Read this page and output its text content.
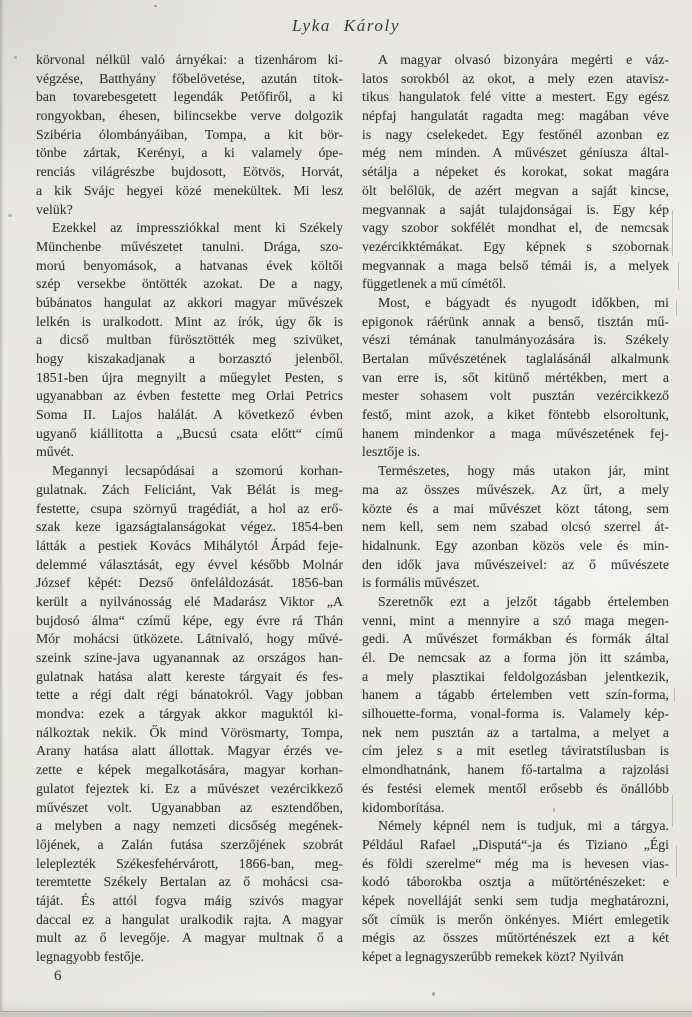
Lyka Károly

körvonal nélkül való árnyékai: a tizenhárom ki-
végzése, Batthyány főbelövetése, azután titok-
ban tovarebesgetett legendák Petőfiről, a ki
rongyokban, éhesen, bilincsekbe verve dolgozik
Szibéria ólombányáiban, Tompa, a kit bör-
tönbe zártak, Kerényi, a ki valamely ópe-
renciás világrészbe bujdosott, Eötvös, Horvát,
a kik Svájc hegyei közé menekültek. Mi lesz
velük?

Ezekkel az impressziókkal ment ki Székely
Münchenbe művészetet tanulni. Drága, szo-
morú benyomások, a hatvanas évek költői
szép versekbe öntötték azokat. De a nagy,
búbánatos hangulat az akkori magyar művészek
lelkén is uralkodott. Mint az írók, úgy ők is
a dicső multban fürösztötték meg szivüket,
hogy kiszakadjanak a borzasztó jelenből.
1851-ben újra megnyilt a műegylet Pesten, s
ugyanabban az évben festette meg Orlai Petrics
Soma II. Lajos halálát. A következő évben
ugyanő kiállitotta a „Bucsú csata előtt“ című
művét.

Megannyi lecsapódásai a szomorú korhan-
gulatnak. Zách Feliciánt, Vak Bélát is meg-
festette, csupa szörnyű tragédiát, a hol az erő-
szak keze igazságtalanságokat végez. 1854-ben
látták a pestiek Kovács Mihálytól Árpád feje-
delemmé választását, egy évvel később Molnár
József képét: Dezső önfeláldozását. 1856-ban
került a nyilvánosság elé Madarász Viktor „A
bujdosó álma“ czímű képe, egy évre rá Thán
Mór mohácsi ütközete. Látnivaló, hogy művé-
szeink szine-java ugyanannak az országos han-
gulatnak hatása alatt kereste tárgyait és fes-
tette a régi dalt régi bánatokról. Vagy jobban
mondva: ezek a tárgyak akkor maguktól ki-
nálkoztak nekik. Ők mind Vörösmarty, Tompa,
Arany hatása alatt állottak. Magyar érzés ve-
zette e képek megalkotására, magyar korhan-
gulatot fejeztek ki. Ez a művészet vezércikkező
művészet volt. Ugyanabban az esztendőben,
a melyben a nagy nemzeti dicsőség megének-
lőjének, a Zalán futása szerzőjének szobrát
leleplezték Székesfehérvárott, 1866-ban, meg-
teremtette Székely Bertalan az ő mohácsi csa-
táját. És attól fogva máig szivós magyar
daccal ez a hangulat uralkodik rajta. A magyar
mult az ő levegője. A magyar multnak ő a
legnagyobb festője.

A magyar olvasó bizonyára megérti e váz-
latos sorokból az okot, a mely ezen atavisz-
tikus hangulatok felé vitte a mestert. Egy egész
népfaj hangulatát ragadta meg: magában véve
is nagy cselekedet. Egy festőnél azonban ez
még nem minden. A művészet géniusza által-
sétálja a népeket és korokat, sokat magára
ölt belőlük, de azért megvan a saját kincse,
megvannak a saját tulajdonságai is. Egy kép
vagy szobor sokfélét mondhat el, de nemcsak
vezércikktémákat. Egy képnek s szobornak
megvannak a maga belső témái is, a melyek
függetlenek a mű címétől.

Most, e bágyadt és nyugodt időkben, mi
epigonok ráérünk annak a benső, tisztán mű-
vészi témának tanulmányozására is. Székely
Bertalan művészetének taglalásánál alkalmunk
van erre is, sőt kitünő mértékben, mert a
mester sohasem volt pusztán vezércikkező
festő, mint azok, a kiket föntebb elsoroltunk,
hanem mindenkor a maga művészetének fej-
lesztője is.

Természetes, hogy más utakon jár, mint
ma az összes művészek. Az űrt, a mely
közte és a mai művészet közt tátong, sem
nem kell, sem nem szabad olcsó szerrel át-
hidalnunk. Egy azonban közös vele és min-
den idők java művészeivel: az ő művészete
is formális művészet.

Szeretnők ezt a jelzőt tágabb értelemben
venni, mint a mennyire a szó maga megen-
gedi. A művészet formákban és formák által
él. De nemcsak az a forma jön itt számba,
a mely plasztikai feldolgozásban jelentkezik,
hanem a tágabb értelemben vett szín-forma,
silhouette-forma, vonal-forma is. Valamely kép-
nek nem pusztán az a tartalma, a melyet a
cím jelez s a mit esetleg táviratstílusban is
elmondhatnánk, hanem fő-tartalma a rajzolási
és festési elemek mentől erősebb és önállóbb
kidomborítása.

Némely képnél nem is tudjuk, mi a tárgya.
Például Rafael „Disputá“-ja és Tiziano „Égi
és földi szerelme“ még ma is hevesen vias-
kodó táborokba osztja a műtörténészeket: e
képek novelláját senki sem tudja meghatározni,
sőt címük is merőn önkényes. Miért emlegetik
mégis az összes műtörténészek ezt a két
képet a legnagyszerűbb remekek közt? Nyilván

6
